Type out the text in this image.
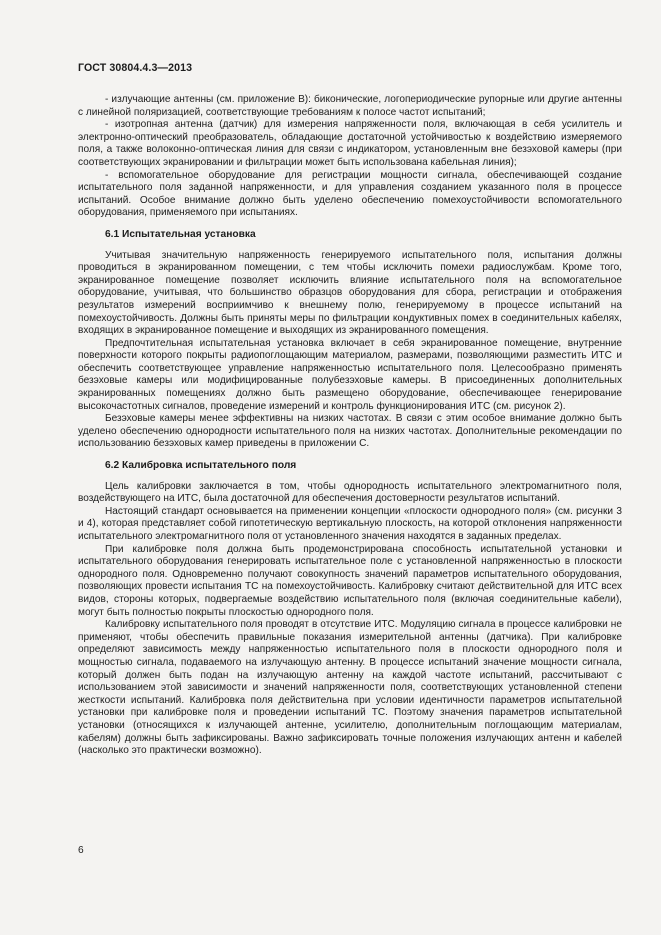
ГОСТ 30804.4.3—2013

- излучающие антенны (см. приложение В): биконические, логопериодические рупорные или другие антенны с линейной поляризацией, соответствующие требованиям к полосе частот испытаний;

- изотропная антенна (датчик) для измерения напряженности поля, включающая в себя усилитель и электронно-оптический преобразователь, обладающие достаточной устойчивостью к воздействию измеряемого поля, а также волоконно-оптическая линия для связи с индикатором, установленным вне безэховой камеры (при соответствующих экранировании и фильтрации может быть использована кабельная линия);

- вспомогательное оборудование для регистрации мощности сигнала, обеспечивающей создание испытательного поля заданной напряженности, и для управления созданием указанного поля в процессе испытаний. Особое внимание должно быть уделено обеспечению помехоустойчивости вспомогательного оборудования, применяемого при испытаниях.

6.1 Испытательная установка

Учитывая значительную напряженность генерируемого испытательного поля, испытания должны проводиться в экранированном помещении, с тем чтобы исключить помехи радиослужбам. Кроме того, экранированное помещение позволяет исключить влияние испытательного поля на вспомогательное оборудование, учитывая, что большинство образцов оборудования для сбора, регистрации и отображения результатов измерений восприимчиво к внешнему полю, генерируемому в процессе испытаний на помехоустойчивость. Должны быть приняты меры по фильтрации кондуктивных помех в соединительных кабелях, входящих в экранированное помещение и выходящих из экранированного помещения.

Предпочтительная испытательная установка включает в себя экранированное помещение, внутренние поверхности которого покрыты радиопоглощающим материалом, размерами, позволяющими разместить ИТС и обеспечить соответствующее управление напряженностью испытательного поля. Целесообразно применять безэховые камеры или модифицированные полубезэховые камеры. В присоединенных дополнительных экранированных помещениях должно быть размещено оборудование, обеспечивающее генерирование высокочастотных сигналов, проведение измерений и контроль функционирования ИТС (см. рисунок 2).

Безэховые камеры менее эффективны на низких частотах. В связи с этим особое внимание должно быть уделено обеспечению однородности испытательного поля на низких частотах. Дополнительные рекомендации по использованию безэховых камер приведены в приложении С.

6.2 Калибровка испытательного поля

Цель калибровки заключается в том, чтобы однородность испытательного электромагнитного поля, воздействующего на ИТС, была достаточной для обеспечения достоверности результатов испытаний.

Настоящий стандарт основывается на применении концепции «плоскости однородного поля» (см. рисунки 3 и 4), которая представляет собой гипотетическую вертикальную плоскость, на которой отклонения напряженности испытательного электромагнитного поля от установленного значения находятся в заданных пределах.

При калибровке поля должна быть продемонстрирована способность испытательной установки и испытательного оборудования генерировать испытательное поле с установленной напряженностью в плоскости однородного поля. Одновременно получают совокупность значений параметров испытательного оборудования, позволяющих провести испытания ТС на помехоустойчивость. Калибровку считают действительной для ИТС всех видов, стороны которых, подвергаемые воздействию испытательного поля (включая соединительные кабели), могут быть полностью покрыты плоскостью однородного поля.

Калибровку испытательного поля проводят в отсутствие ИТС. Модуляцию сигнала в процессе калибровки не применяют, чтобы обеспечить правильные показания измерительной антенны (датчика). При калибровке определяют зависимость между напряженностью испытательного поля в плоскости однородного поля и мощностью сигнала, подаваемого на излучающую антенну. В процессе испытаний значение мощности сигнала, который должен быть подан на излучающую антенну на каждой частоте испытаний, рассчитывают с использованием этой зависимости и значений напряженности поля, соответствующих установленной степени жесткости испытаний. Калибровка поля действительна при условии идентичности параметров испытательной установки при калибровке поля и проведении испытаний ТС. Поэтому значения параметров испытательной установки (относящихся к излучающей антенне, усилителю, дополнительным поглощающим материалам, кабелям) должны быть зафиксированы. Важно зафиксировать точные положения излучающих антенн и кабелей (насколько это практически возможно).

6
